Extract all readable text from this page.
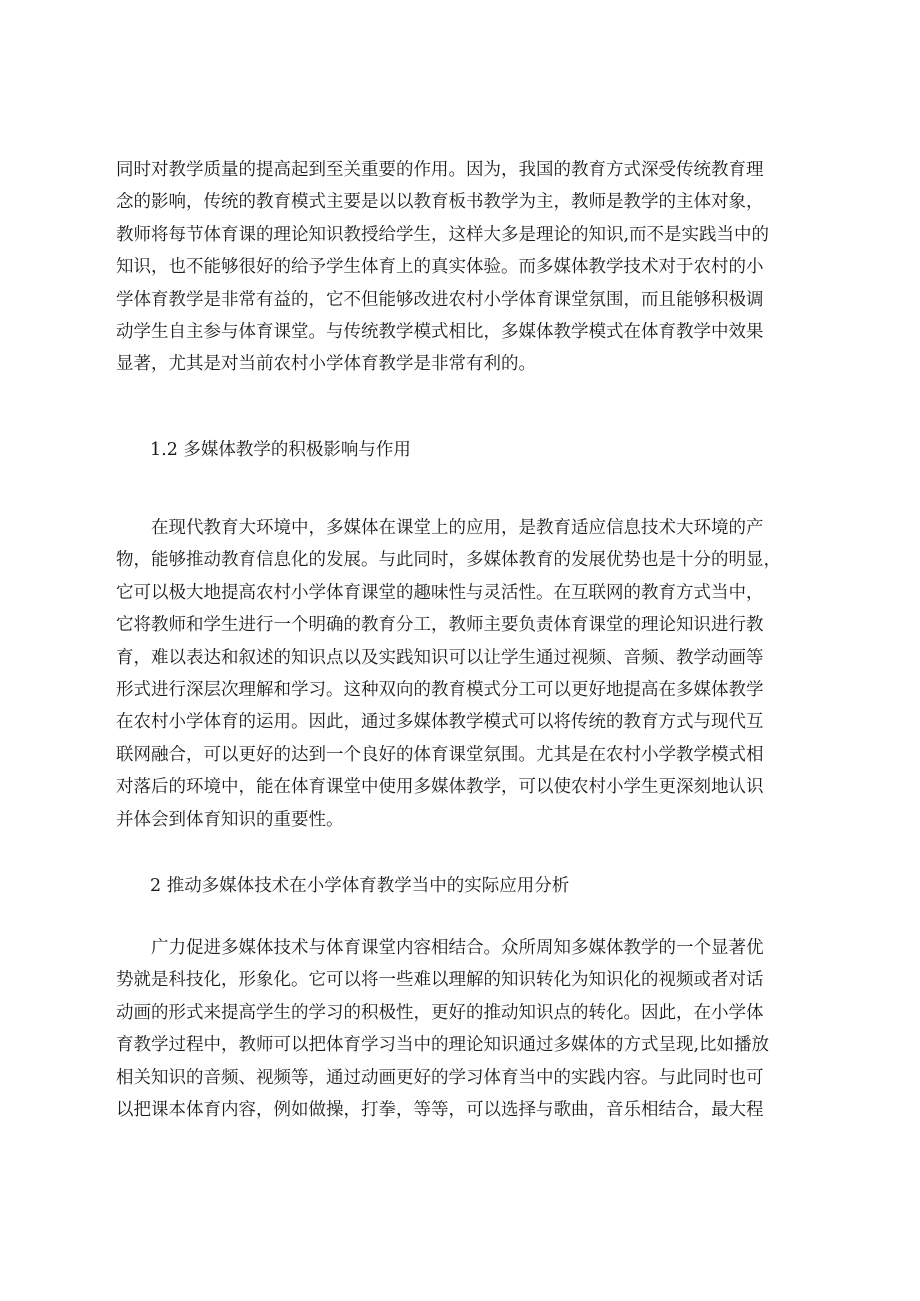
同时对教学质量的提高起到至关重要的作用。因为，我国的教育方式深受传统教育理
念的影响，传统的教育模式主要是以以教育板书教学为主，教师是教学的主体对象，
教师将每节体育课的理论知识教授给学生，这样大多是理论的知识,而不是实践当中的
知识，也不能够很好的给予学生体育上的真实体验。而多媒体教学技术对于农村的小
学体育教学是非常有益的，它不但能够改进农村小学体育课堂氛围，而且能够积极调
动学生自主参与体育课堂。与传统教学模式相比，多媒体教学模式在体育教学中效果
显著，尤其是对当前农村小学体育教学是非常有利的。
1.2 多媒体教学的积极影响与作用
在现代教育大环境中，多媒体在课堂上的应用，是教育适应信息技术大环境的产
物，能够推动教育信息化的发展。与此同时，多媒体教育的发展优势也是十分的明显，
它可以极大地提高农村小学体育课堂的趣味性与灵活性。在互联网的教育方式当中，
它将教师和学生进行一个明确的教育分工，教师主要负责体育课堂的理论知识进行教
育，难以表达和叙述的知识点以及实践知识可以让学生通过视频、音频、教学动画等
形式进行深层次理解和学习。这种双向的教育模式分工可以更好地提高在多媒体教学
在农村小学体育的运用。因此，通过多媒体教学模式可以将传统的教育方式与现代互
联网融合，可以更好的达到一个良好的体育课堂氛围。尤其是在农村小学教学模式相
对落后的环境中，能在体育课堂中使用多媒体教学，可以使农村小学生更深刻地认识
并体会到体育知识的重要性。
2 推动多媒体技术在小学体育教学当中的实际应用分析
广力促进多媒体技术与体育课堂内容相结合。众所周知多媒体教学的一个显著优
势就是科技化，形象化。它可以将一些难以理解的知识转化为知识化的视频或者对话
动画的形式来提高学生的学习的积极性，更好的推动知识点的转化。因此，在小学体
育教学过程中，教师可以把体育学习当中的理论知识通过多媒体的方式呈现,比如播放
相关知识的音频、视频等，通过动画更好的学习体育当中的实践内容。与此同时也可
以把课本体育内容，例如做操，打拳，等等，可以选择与歌曲，音乐相结合，最大程
